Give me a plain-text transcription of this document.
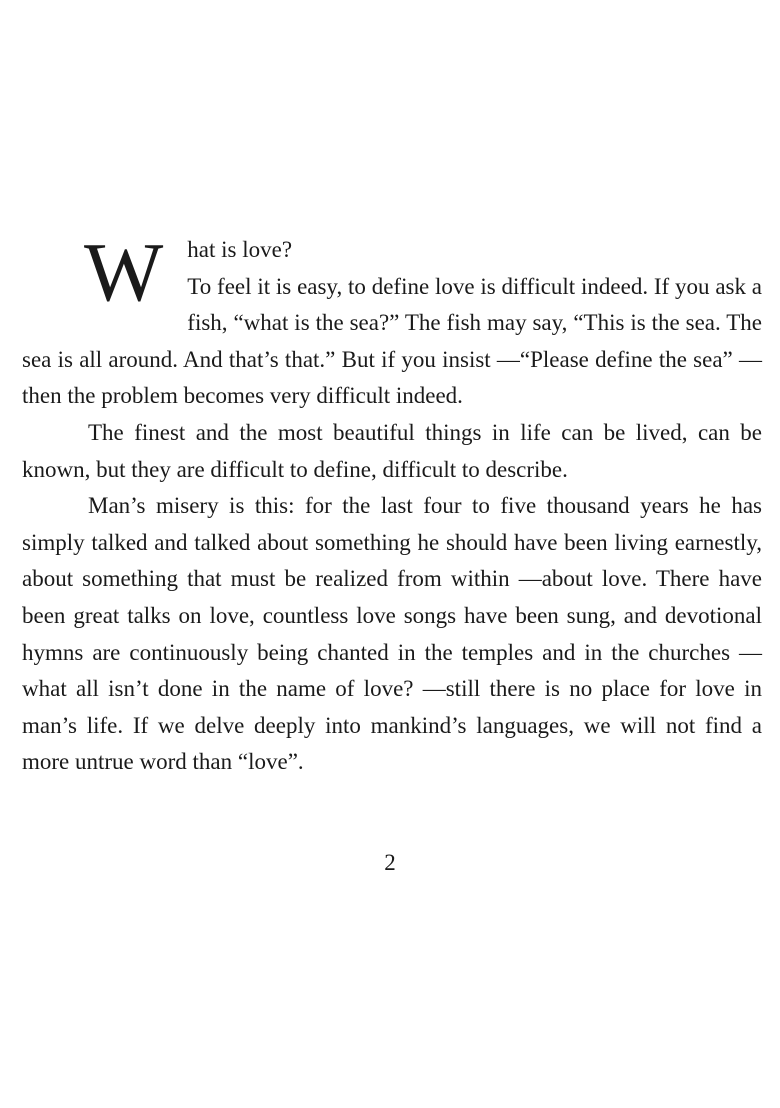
W	hat is love?
To feel it is easy, to define love is difficult indeed. If you ask a fish, “what is the sea?” The fish may say, “This is the sea. The sea is all around. And that’s that.” But if you insist —“Please define the sea” —then the problem becomes very difficult indeed.

The finest and the most beautiful things in life can be lived, can be known, but they are difficult to define, difficult to describe.

Man’s misery is this: for the last four to five thousand years he has simply talked and talked about something he should have been living earnestly, about something that must be realized from within —about love. There have been great talks on love, countless love songs have been sung, and devotional hymns are continuously being chanted in the temples and in the churches —what all isn’t done in the name of love? —still there is no place for love in man’s life. If we delve deeply into mankind’s languages, we will not find a more untrue word than “love”.

2
